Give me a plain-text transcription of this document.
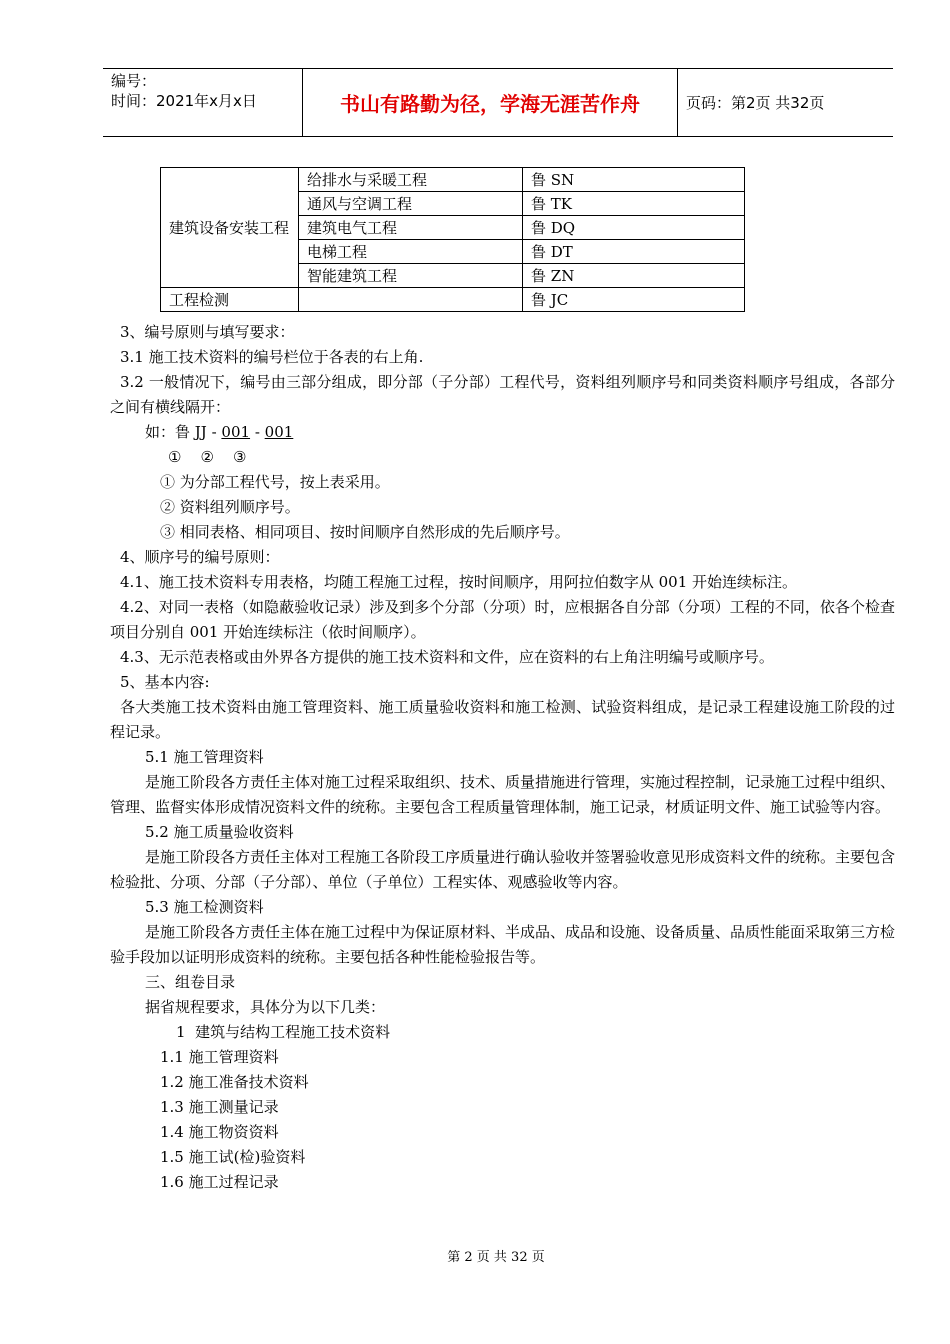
编号：
时间：2021年x月x日	书山有路勤为径，学海无涯苦作舟	页码：第2页 共32页
建筑设备安装工程	给排水与采暖工程	鲁 SN
	通风与空调工程	鲁 TK
	建筑电气工程	鲁 DQ
	电梯工程	鲁 DT
	智能建筑工程	鲁 ZN
工程检测		鲁 JC

3、编号原则与填写要求：

3.1 施工技术资料的编号栏位于各表的右上角.

3.2 一般情况下，编号由三部分组成，即分部（子分部）工程代号，资料组列顺序号和同类资料顺序号组成，各部分之间有横线隔开：

如：鲁 JJ - 001 - 001

①    ②    ③

① 为分部工程代号，按上表采用。

② 资料组列顺序号。

③ 相同表格、相同项目、按时间顺序自然形成的先后顺序号。

4、顺序号的编号原则：

4.1、施工技术资料专用表格，均随工程施工过程，按时间顺序，用阿拉伯数字从 001 开始连续标注。

4.2、对同一表格（如隐蔽验收记录）涉及到多个分部（分项）时，应根据各自分部（分项）工程的不同，依各个检查项目分别自 001 开始连续标注（依时间顺序）。

4.3、无示范表格或由外界各方提供的施工技术资料和文件，应在资料的右上角注明编号或顺序号。

5、基本内容:

各大类施工技术资料由施工管理资料、施工质量验收资料和施工检测、试验资料组成，是记录工程建设施工阶段的过程记录。

5.1 施工管理资料

是施工阶段各方责任主体对施工过程采取组织、技术、质量措施进行管理，实施过程控制，记录施工过程中组织、管理、监督实体形成情况资料文件的统称。主要包含工程质量管理体制，施工记录，材质证明文件、施工试验等内容。

5.2 施工质量验收资料

是施工阶段各方责任主体对工程施工各阶段工序质量进行确认验收并签署验收意见形成资料文件的统称。主要包含检验批、分项、分部（子分部）、单位（子单位）工程实体、观感验收等内容。

5.3 施工检测资料

是施工阶段各方责任主体在施工过程中为保证原材料、半成品、成品和设施、设备质量、品质性能面采取第三方检验手段加以证明形成资料的统称。主要包括各种性能检验报告等。

三、组卷目录

据省规程要求，具体分为以下几类：

1  建筑与结构工程施工技术资料

1.1 施工管理资料

1.2 施工准备技术资料

1.3 施工测量记录

1.4 施工物资资料

1.5 施工试(检)验资料

1.6 施工过程记录

第 2 页 共 32 页
